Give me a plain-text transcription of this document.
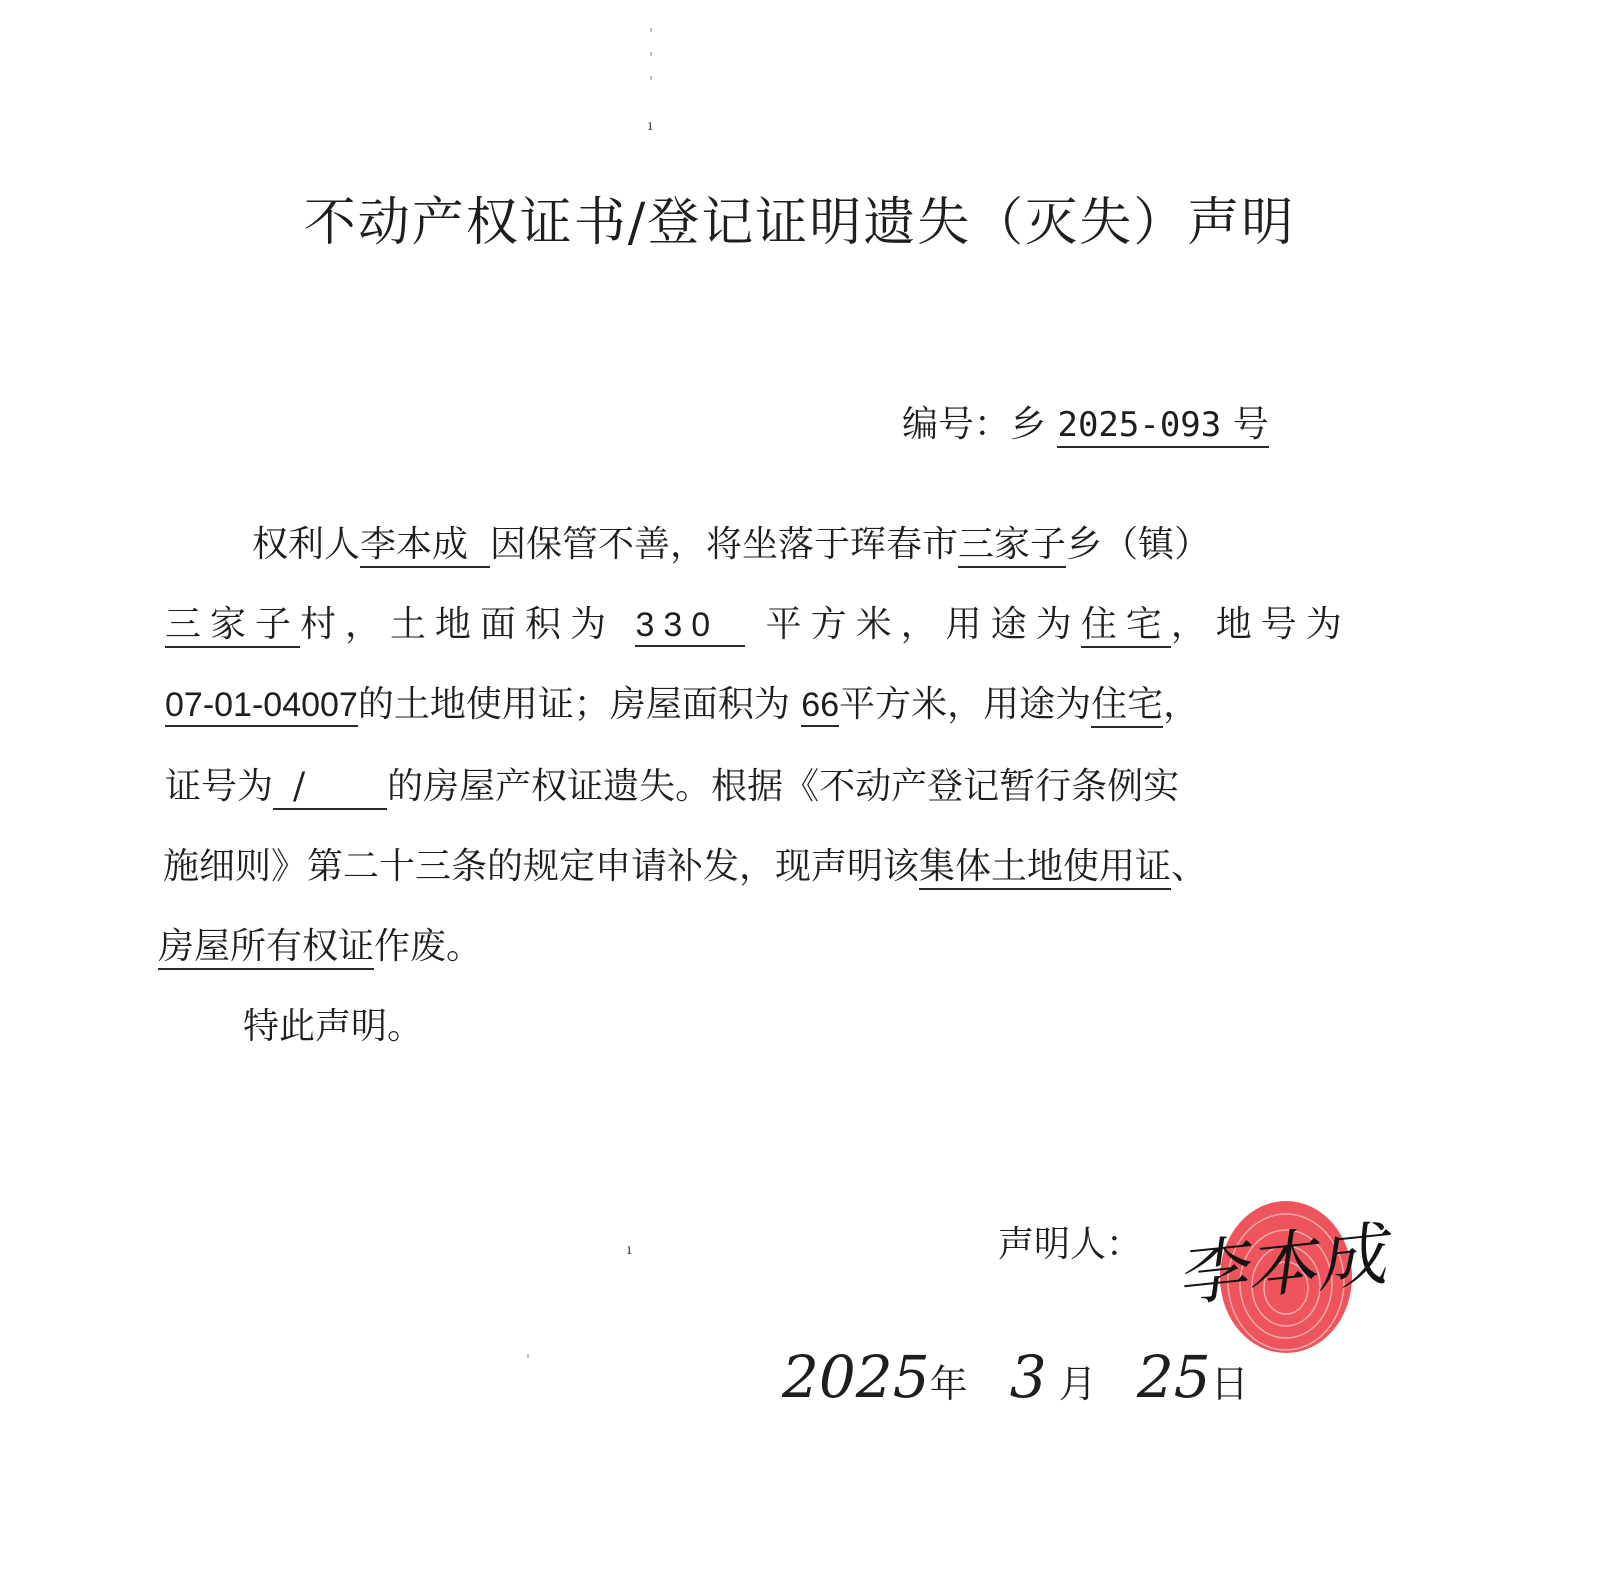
ı
ı
不动产权证书/登记证明遗失（灭失）声明
编号：乡 2025-093 号
权利人李本成 因保管不善，将坐落于珲春市三家子乡（镇）
三家子村，土地面积为 330 平方米，用途为住宅，地号为
07-01-04007的土地使用证；房屋面积为 66平方米，用途为住宅，
证号为 / 的房屋产权证遗失。根据《不动产登记暂行条例实
施细则》第二十三条的规定申请补发，现声明该集体土地使用证、
房屋所有权证作废。
特此声明。
声明人： 李本成
2025年 3 月 25日
